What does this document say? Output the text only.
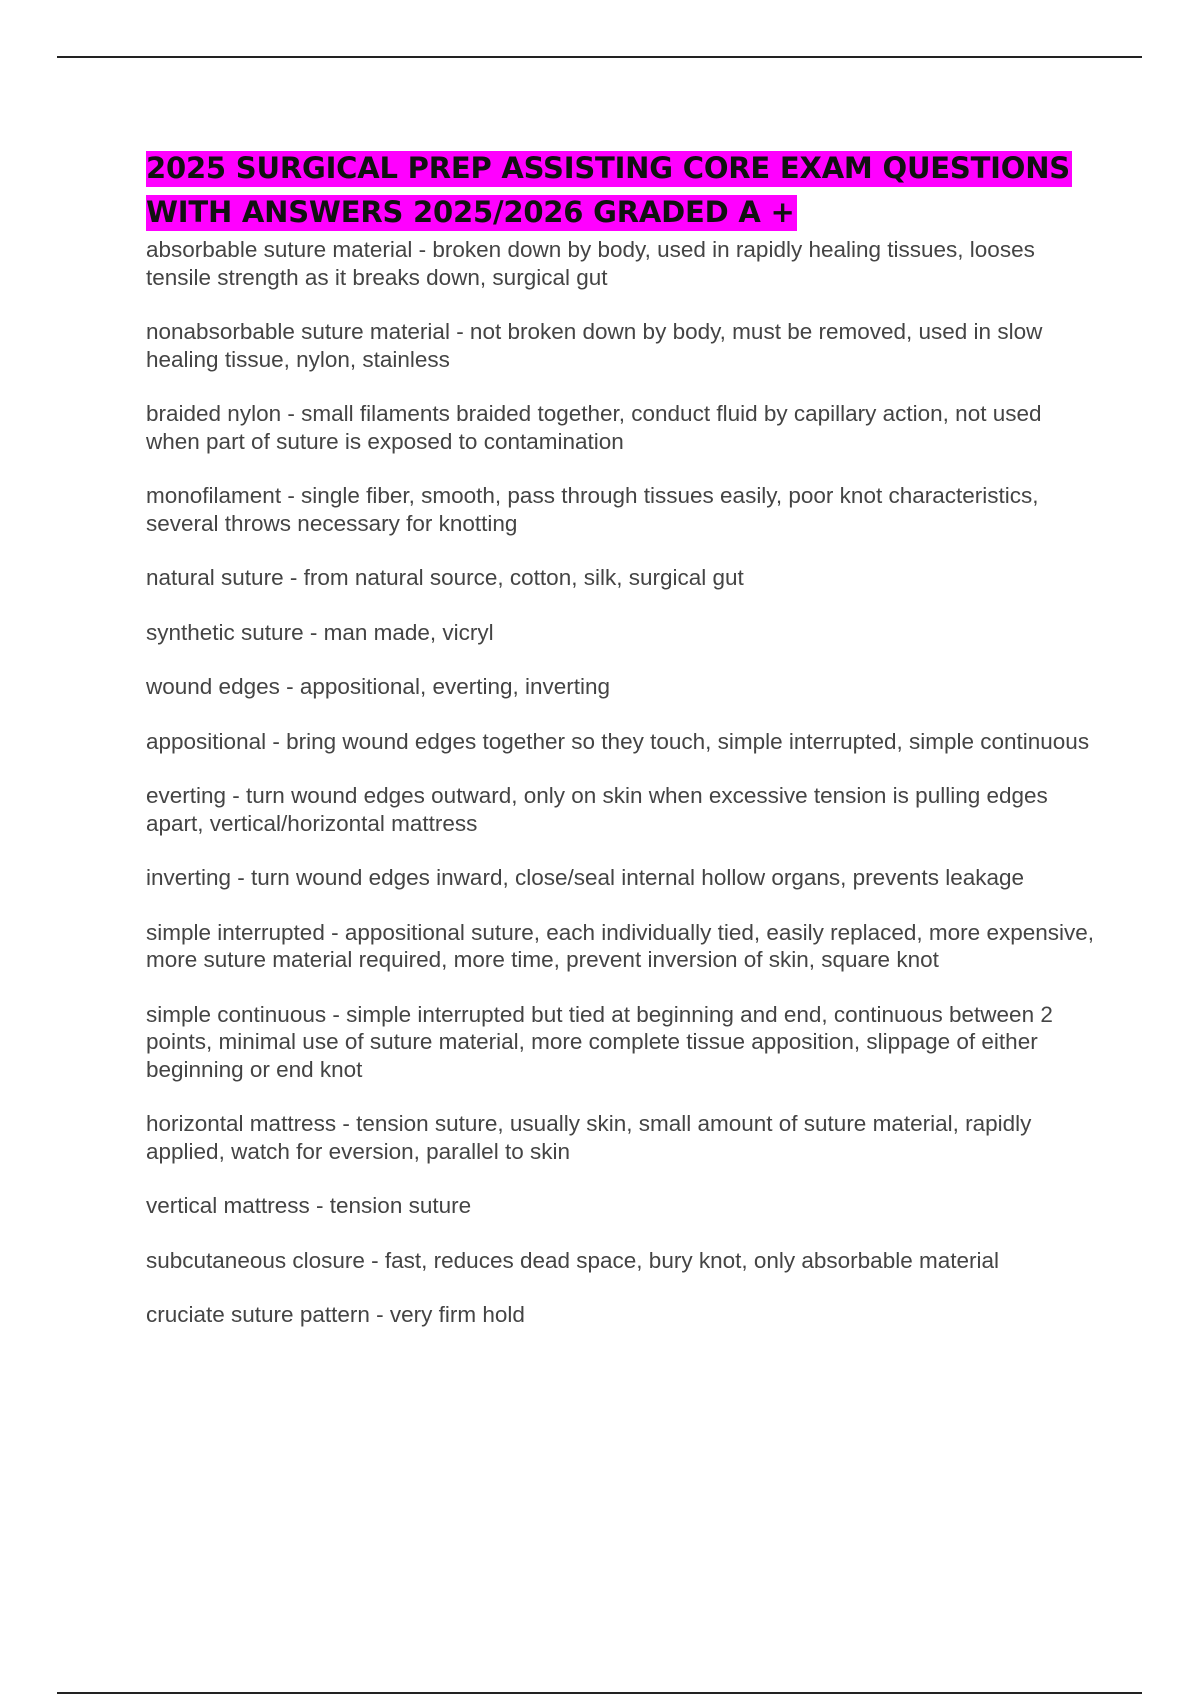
2025 SURGICAL PREP ASSISTING CORE EXAM QUESTIONS
WITH ANSWERS 2025/2026 GRADED A +
absorbable suture material - broken down by body, used in rapidly healing tissues, looses tensile strength as it breaks down, surgical gut
nonabsorbable suture material - not broken down by body, must be removed, used in slow healing tissue, nylon, stainless
braided nylon - small filaments braided together, conduct fluid by capillary action, not used when part of suture is exposed to contamination
monofilament - single fiber, smooth, pass through tissues easily, poor knot characteristics, several throws necessary for knotting
natural suture - from natural source, cotton, silk, surgical gut
synthetic suture - man made, vicryl
wound edges - appositional, everting, inverting
appositional - bring wound edges together so they touch, simple interrupted, simple continuous
everting - turn wound edges outward, only on skin when excessive tension is pulling edges apart, vertical/horizontal mattress
inverting - turn wound edges inward, close/seal internal hollow organs, prevents leakage
simple interrupted - appositional suture, each individually tied, easily replaced, more expensive, more suture material required, more time, prevent inversion of skin, square knot
simple continuous - simple interrupted but tied at beginning and end, continuous between 2 points, minimal use of suture material, more complete tissue apposition, slippage of either beginning or end knot
horizontal mattress - tension suture, usually skin, small amount of suture material, rapidly applied, watch for eversion, parallel to skin
vertical mattress - tension suture
subcutaneous closure - fast, reduces dead space, bury knot, only absorbable material
cruciate suture pattern - very firm hold
